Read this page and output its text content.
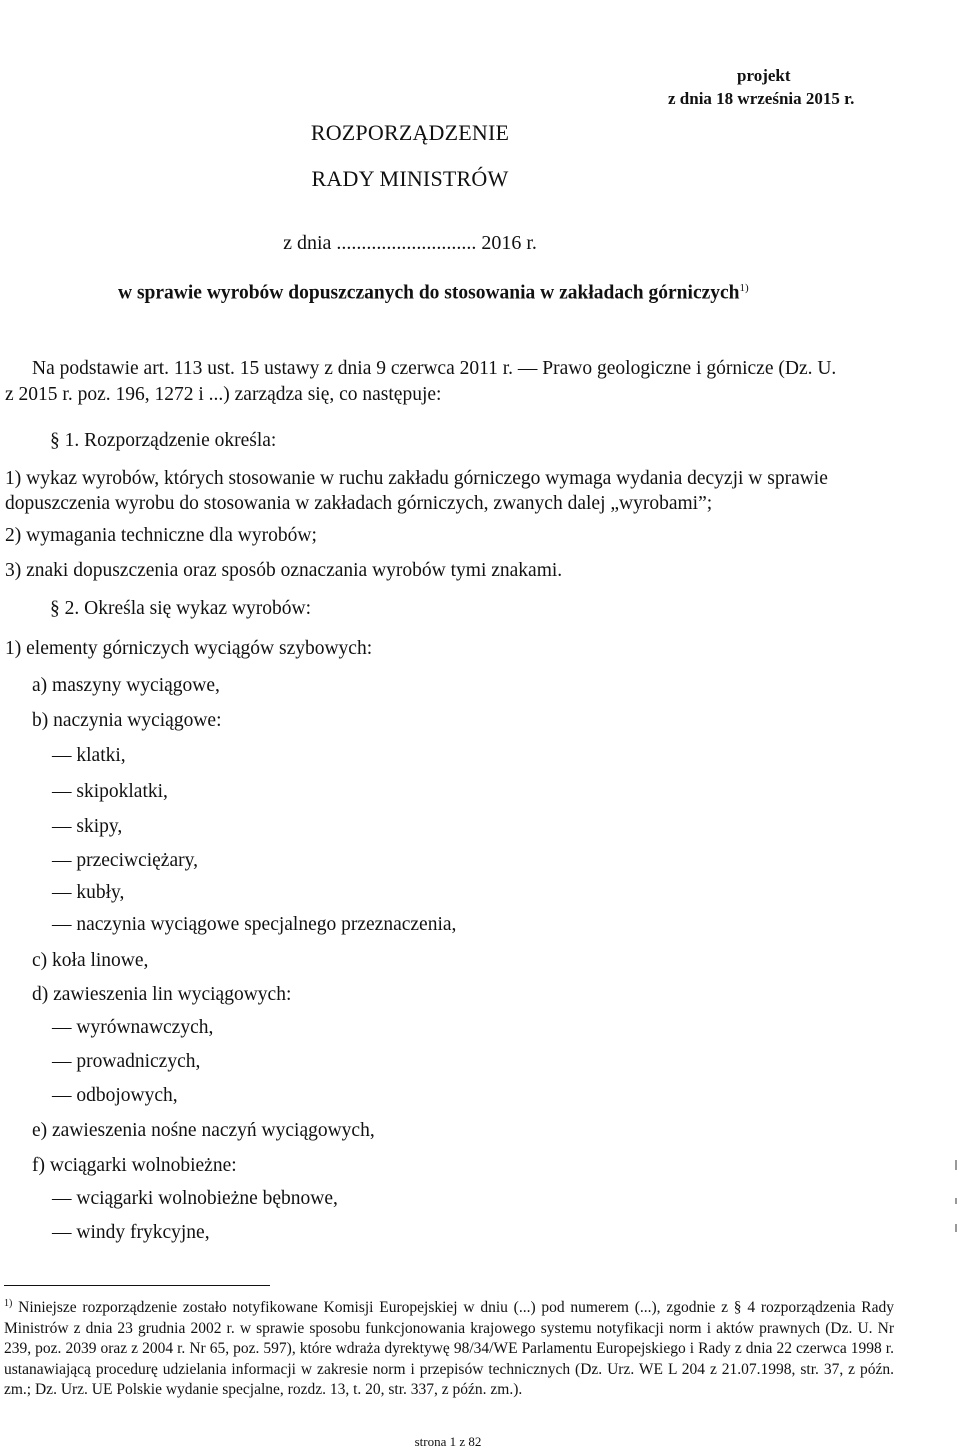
projekt
z dnia 18 września 2015 r.
ROZPORZĄDZENIE
RADY MINISTRÓW
z dnia ............................ 2016 r.
w sprawie wyrobów dopuszczanych do stosowania w zakładach górniczych$^{1)}$
Na podstawie art. 113 ust. 15 ustawy z dnia 9 czerwca 2011 r. — Prawo geologiczne i górnicze (Dz. U.
z 2015 r. poz. 196, 1272 i ...) zarządza się, co następuje:
§ 1. Rozporządzenie określa:
1) wykaz wyrobów, których stosowanie w ruchu zakładu górniczego wymaga wydania decyzji w sprawie
dopuszczenia wyrobu do stosowania w zakładach górniczych, zwanych dalej „wyrobami”;
2) wymagania techniczne dla wyrobów;
3) znaki dopuszczenia oraz sposób oznaczania wyrobów tymi znakami.
§ 2. Określa się wykaz wyrobów:
1) elementy górniczych wyciągów szybowych:
a) maszyny wyciągowe,
b) naczynia wyciągowe:
— klatki,
— skipoklatki,
— skipy,
— przeciwciężary,
— kubły,
— naczynia wyciągowe specjalnego przeznaczenia,
c) koła linowe,
d) zawieszenia lin wyciągowych:
— wyrównawczych,
— prowadniczych,
— odbojowych,
e) zawieszenia nośne naczyń wyciągowych,
f) wciągarki wolnobieżne:
— wciągarki wolnobieżne bębnowe,
— windy frykcyjne,
$^{1)}$ Niniejsze rozporządzenie zostało notyfikowane Komisji Europejskiej w dniu (...) pod numerem (...), zgodnie z § 4 rozporządzenia Rady Ministrów z dnia 23 grudnia 2002 r. w sprawie sposobu funkcjonowania krajowego systemu notyfikacji norm i aktów prawnych (Dz. U. Nr 239, poz. 2039 oraz z 2004 r. Nr 65, poz. 597), które wdraża dyrektywę 98/34/WE Parlamentu Europejskiego i Rady z dnia 22 czerwca 1998 r. ustanawiającą procedurę udzielania informacji w zakresie norm i przepisów technicznych (Dz. Urz. WE L 204 z 21.07.1998, str. 37, z późn. zm.; Dz. Urz. UE Polskie wydanie specjalne, rozdz. 13, t. 20, str. 337, z późn. zm.).
strona 1 z 82
